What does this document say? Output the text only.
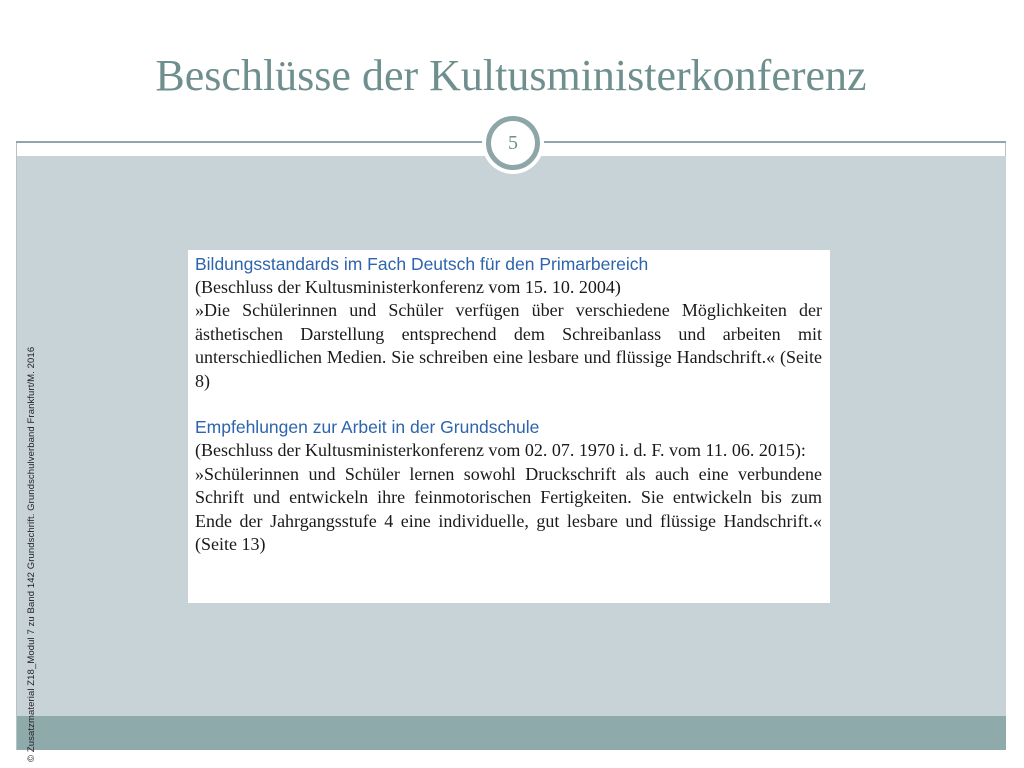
Beschlüsse der Kultusministerkonferenz
5
© Zusatzmaterial Z18_Modul 7 zu Band 142 Grundschrift. Grundschulverband Frankfurt/M. 2016

Bildungsstandards im Fach Deutsch für den Primarbereich

(Beschluss der Kultusministerkonferenz vom 15. 10. 2004)

»Die Schülerinnen und Schüler verfügen über verschiedene Möglichkeiten der ästhetischen Darstellung entsprechend dem Schreibanlass und arbeiten mit unterschiedlichen Medien. Sie schreiben eine lesbare und flüssige Handschrift.« (Seite 8)

Empfehlungen zur Arbeit in der Grundschule

(Beschluss der Kultusministerkonferenz vom 02. 07. 1970 i. d. F. vom 11. 06. 2015):

»Schülerinnen und Schüler lernen sowohl Druckschrift als auch eine verbundene Schrift und entwickeln ihre feinmotorischen Fertigkeiten. Sie entwickeln bis zum Ende der Jahrgangsstufe 4 eine individuelle, gut lesbare und flüssige Handschrift.« (Seite 13)
